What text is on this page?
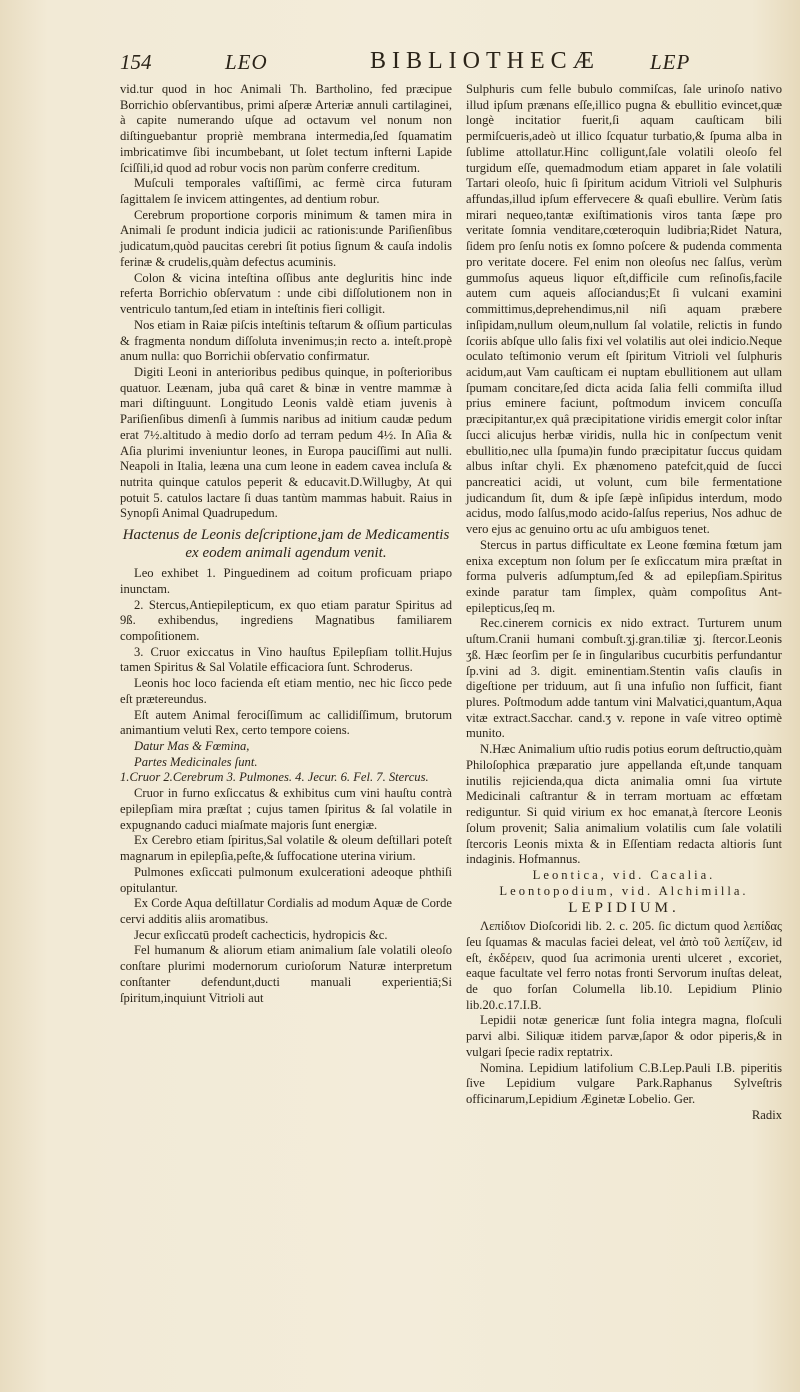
154	LEO	BIBLIOTHECÆ LEP

vid.tur quod in hoc Animali Th. Bartholino, fed præcipue Borrichio obſervantibus, primi aſperæ Arteriæ annuli cartilaginei, à capite numerando uſque ad octavum vel nonum non diſtinguebantur propriè membrana intermedia,ſed ſquamatim imbricatimve ſibi incumbebant, ut ſolet tectum infterni Lapide ſciſſili,id quod ad robur vocis non parùm conferre creditum.

Muſculi temporales vaſtiſſimi, ac fermè circa futuram ſagittalem ſe invicem attingentes, ad dentium robur.

Cerebrum proportione corporis minimum & tamen mira in Animali ſe produnt indicia judicii ac rationis:unde Pariſienſibus judicatum,quòd paucitas cerebri ſit potius ſignum & cauſa indolis ferinæ & crudelis,quàm defectus acuminis.

Colon & vicina inteſtina oſſibus ante degluritis hinc inde referta Borrichio obſervatum : unde cibi diſſolutionem non in ventriculo tantum,ſed etiam in inteſtinis fieri colligit.

Nos etiam in Raiæ piſcis inteſtinis teſtarum & oſſium particulas & fragmenta nondum diſſoluta invenimus;in recto a. inteſt.propè anum nulla: quo Borrichii obſervatio confirmatur.

Digiti Leoni in anterioribus pedibus quinque, in poſterioribus quatuor. Leænam, juba quâ caret & binæ in ventre mammæ à mari diſtinguunt. Longitudo Leonis valdè etiam juvenis à Pariſienſibus dimenſi à ſummis naribus ad initium caudæ pedum erat 7½.altitudo à medio dorſo ad terram pedum 4½. In Aſia & Aſia plurimi inveniuntur leones, in Europa pauciſſimi aut nulli. Neapoli in Italia, leæna una cum leone in eadem cavea incluſa & nutrita quinque catulos peperit & educavit.D.Willugby, At qui potuit 5. catulos lactare ſi duas tantùm mammas habuit. Raius in Synopſi Animal Quadrupedum.

Hactenus de Leonis deſcriptione,jam de Medicamentis ex eodem animali agendum venit.

Leo exhibet 1. Pinguedinem ad coitum proficuam priapo inunctam.

2. Stercus,Antiepilepticum, ex quo etiam paratur Spiritus ad 9ß. exhibendus, ingrediens Magnatibus familiarem compoſitionem.

3. Cruor exiccatus in Vino hauſtus Epilepſiam tollit.Hujus tamen Spiritus & Sal Volatile efficaciora ſunt. Schroderus.

Leonis hoc loco facienda eſt etiam mentio, nec hic ſicco pede eſt prætereundus.

Eſt autem Animal ferociſſimum ac callidiſſimum, brutorum animantium veluti Rex, certo tempore coiens.

Datur Mas & Fœmina,

Partes Medicinales ſunt.

1.Cruor 2.Cerebrum 3. Pulmones. 4. Jecur. 6. Fel. 7. Stercus.

Cruor in furno exſiccatus & exhibitus cum vini hauſtu contrà epilepſiam mira præſtat ; cujus tamen ſpiritus & ſal volatile in expugnando caduci miaſmate majoris ſunt energiæ.

Ex Cerebro etiam ſpiritus,Sal volatile & oleum deſtillari poteſt magnarum in epilepſia,peſte,& ſuffocatione uterina virium.

Pulmones exſiccati pulmonum exulcerationi adeoque phthiſi opitulantur.

Ex Corde Aqua deſtillatur Cordialis ad modum Aquæ de Corde cervi additis aliis aromatibus.

Jecur exſiccatū prodeſt cachecticis, hydropicis &c.

Fel humanum & aliorum etiam animalium ſale volatili oleoſo conſtare plurimi modernorum curioſorum Naturæ interpretum conſtanter defendunt,ducti manuali experientiā;Si ſpiritum,inquiunt Vitrioli aut

Sulphuris cum felle bubulo commiſcas, ſale urinoſo nativo illud ipſum prænans eſſe,illico pugna & ebullitio evincet,quæ longè incitatior fuerit,ſi aquam cauſticam bili permiſcueris,adeò ut illico ſcquatur turbatio,& ſpuma alba in ſublime attollatur.Hinc colligunt,ſale volatili oleoſo fel turgidum eſſe, quemadmodum etiam apparet in ſale volatili Tartari oleoſo, huic ſi ſpiritum acidum Vitrioli vel Sulphuris affundas,illud ipſum effervecere & quaſi ebullire. Verùm ſatis mirari nequeo,tantæ exiſtimationis viros tanta ſæpe pro veritate ſomnia venditare,cœteroquin ludibria;Ridet Natura, ſidem pro ſenſu notis ex ſomno poſcere & pudenda commenta pro veritate docere. Fel enim non oleoſus nec ſalſus, verùm gummoſus aqueus liquor eſt,difficile cum reſinoſis,facile autem cum aqueis aſſociandus;Et ſi vulcani examini committimus,deprehendimus,nil niſi aquam præbere inſipidam,nullum oleum,nullum ſal volatile, relictis in fundo ſcoriis abſque ullo ſalis fixi vel volatilis aut olei indicio.Neque oculato teſtimonio verum eſt ſpiritum Vitrioli vel ſulphuris acidum,aut Vam cauſticam ei nuptam ebullitionem aut ullam ſpumam concitare,ſed dicta acida ſalia felli commiſta illud prius eminere faciunt, poſtmodum invicem concuſſa præcipitantur,ex quâ præcipitatione viridis emergit color inſtar ſucci alicujus herbæ viridis, nulla hic in conſpectum venit ebullitio,nec ulla ſpuma)in fundo præcipitatur ſuccus quidam albus inſtar chyli. Ex phænomeno patefcit,quid de ſucci pancreatici acidi, ut volunt, cum bile fermentatione judicandum ſit, dum & ipſe ſæpè inſipidus interdum, modo acidus, modo ſalſus,modo acido-ſalſus reperius, Nos adhuc de vero ejus ac genuino ortu ac uſu ambiguos tenet.

Stercus in partus difficultate ex Leone fœmina fœtum jam enixa exceptum non ſolum per ſe exſiccatum mira præſtat in forma pulveris adſumptum,ſed & ad epilepſiam.Spiritus exinde paratur tam ſimplex, quàm compoſitus Ant-epilepticus,ſeq m.

Rec.cinerem cornicis ex nido extract. Turturem unum uſtum.Cranii humani combuſt.ʒj.gran.tiliæ ʒj. ſtercor.Leonis ʒß. Hæc ſeorſim per ſe in ſingularibus cucurbitis perfundantur ſp.vini ad 3. digit. eminentiam.Stentin vaſis clauſis in digeſtione per triduum, aut ſi una infuſio non ſufficit, fiant plures. Poſtmodum adde tantum vini Malvatici,quantum,Aqua vitæ extract.Sacchar. cand.ʒ v. repone in vaſe vitreo optimè munito.

N.Hæc Animalium uſtio rudis potius eorum deſtructio,quàm Philoſophica præparatio jure appellanda eſt,unde tanquam inutilis rejicienda,qua dicta animalia omni ſua virtute Medicinali caſtrantur & in terram mortuam ac effœtam rediguntur. Si quid virium ex hoc emanat,à ſtercore Leonis ſolum provenit; Salia animalium volatilis cum ſale volatili ſtercoris Leonis mixta & in Eſſentiam redacta altioris ſunt indaginis. Hofmannus.

Leontica, vid. Cacalia.

Leontopodium, vid. Alchimilla.

LEPIDIUM.

Λεπίδιον Dioſcoridi lib. 2. c. 205. ſic dictum quod λεπίδας ſeu ſquamas & maculas faciei deleat, vel ἀπὸ τοῦ λεπίζειν, id eſt, ἐκδέρειν, quod ſua acrimonia urenti ulceret , excoriet, eaque facultate vel ferro notas fronti Servorum inuſtas deleat, de quo forſan Columella lib.10. Lepidium Plinio lib.20.c.17.I.B.

Lepidii notæ genericæ ſunt folia integra magna, floſculi parvi albi. Siliquæ itidem parvæ,ſapor & odor piperis,& in vulgari ſpecie radix reptatrix.

Nomina. Lepidium latifolium C.B.Lep.Pauli I.B. piperitis ſive Lepidium vulgare Park.Raphanus Sylveſtris officinarum,Lepidium Æginetæ Lobelio. Ger.

Radix
